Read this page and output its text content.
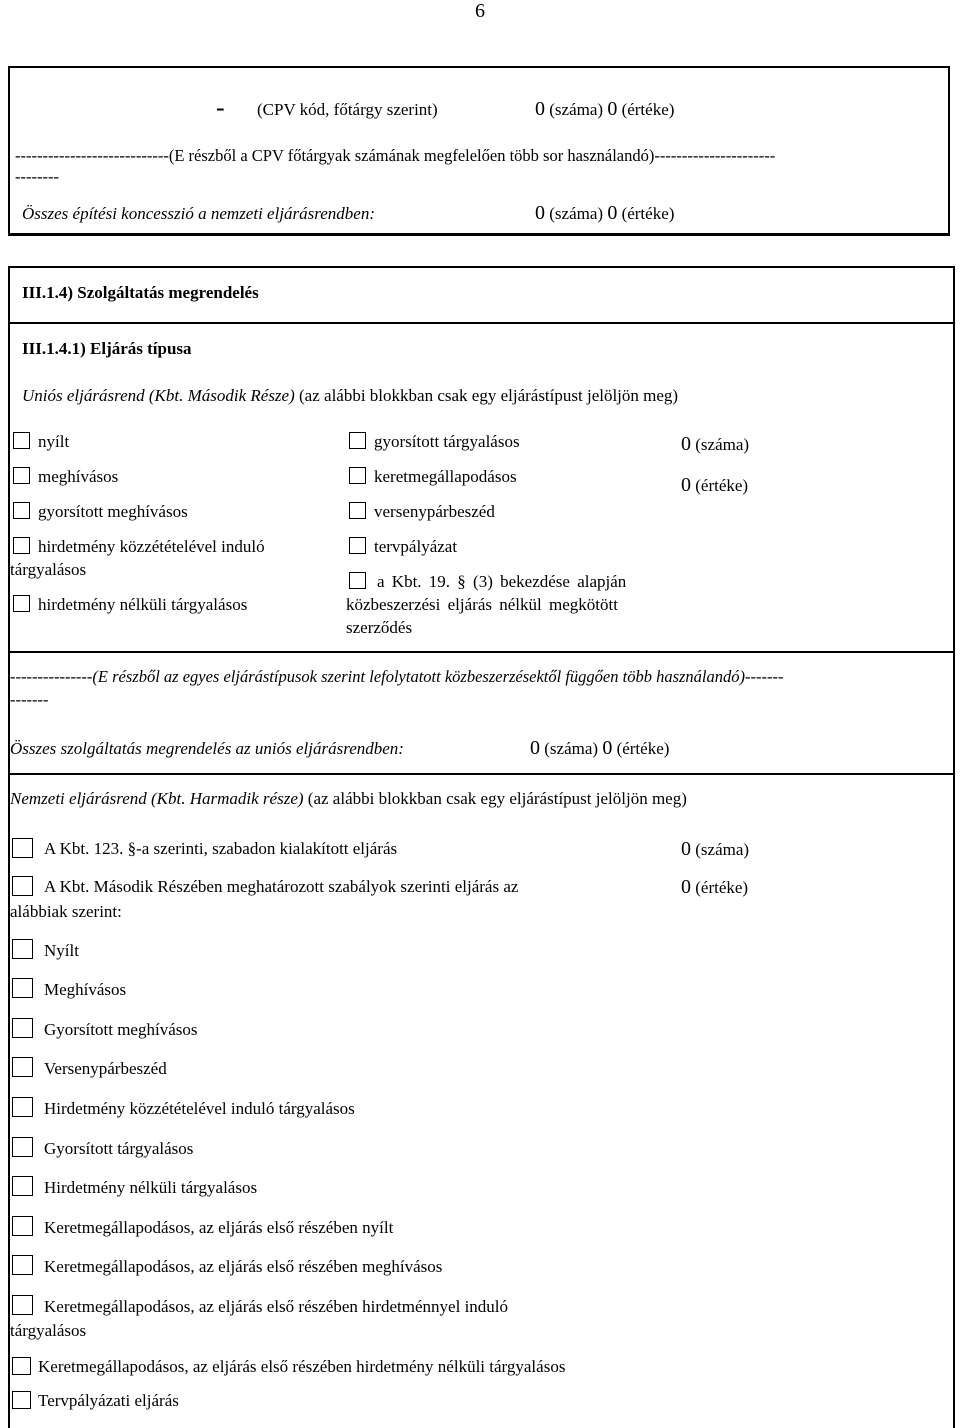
6
- (CPV kód, főtárgy szerint)	0 (száma) 0 (értéke)
----------------------------(E részből a CPV főtárgyak számának megfelelően több sor használandó)----------------------
--------
Összes építési koncesszió a nemzeti eljárásrendben:	0 (száma) 0 (értéke)
III.1.4) Szolgáltatás megrendelés
III.1.4.1) Eljárás típusa
Uniós eljárásrend (Kbt. Második Része) (az alábbi blokkban csak egy eljárástípust jelöljön meg)
nyílt
meghívásos
gyorsított meghívásos
hirdetmény közzétételével induló
tárgyalásos
hirdetmény nélküli tárgyalásos
gyorsított tárgyalásos
keretmegállapodásos
versenypárbeszéd
tervpályázat
a Kbt. 19. § (3) bekezdése alapján
közbeszerzési eljárás nélkül megkötött
szerződés
0 (száma)
0 (értéke)
---------------(E részből az egyes eljárástípusok szerint lefolytatott közbeszerzésektől függően több használandó)-------
-------
Összes szolgáltatás megrendelés az uniós eljárásrendben:	0 (száma) 0 (értéke)
Nemzeti eljárásrend (Kbt. Harmadik része) (az alábbi blokkban csak egy eljárástípust jelöljön meg)
A Kbt. 123. §-a szerinti, szabadon kialakított eljárás	0 (száma)
A Kbt. Második Részében meghatározott szabályok szerinti eljárás az
alábbiak szerint:
0 (értéke)
Nyílt
Meghívásos
Gyorsított meghívásos
Versenypárbeszéd
Hirdetmény közzétételével induló tárgyalásos
Gyorsított tárgyalásos
Hirdetmény nélküli tárgyalásos
Keretmegállapodásos, az eljárás első részében nyílt
Keretmegállapodásos, az eljárás első részében meghívásos
Keretmegállapodásos, az eljárás első részében hirdetménnyel induló
tárgyalásos
Keretmegállapodásos, az eljárás első részében hirdetmény nélküli tárgyalásos
Tervpályázati eljárás
